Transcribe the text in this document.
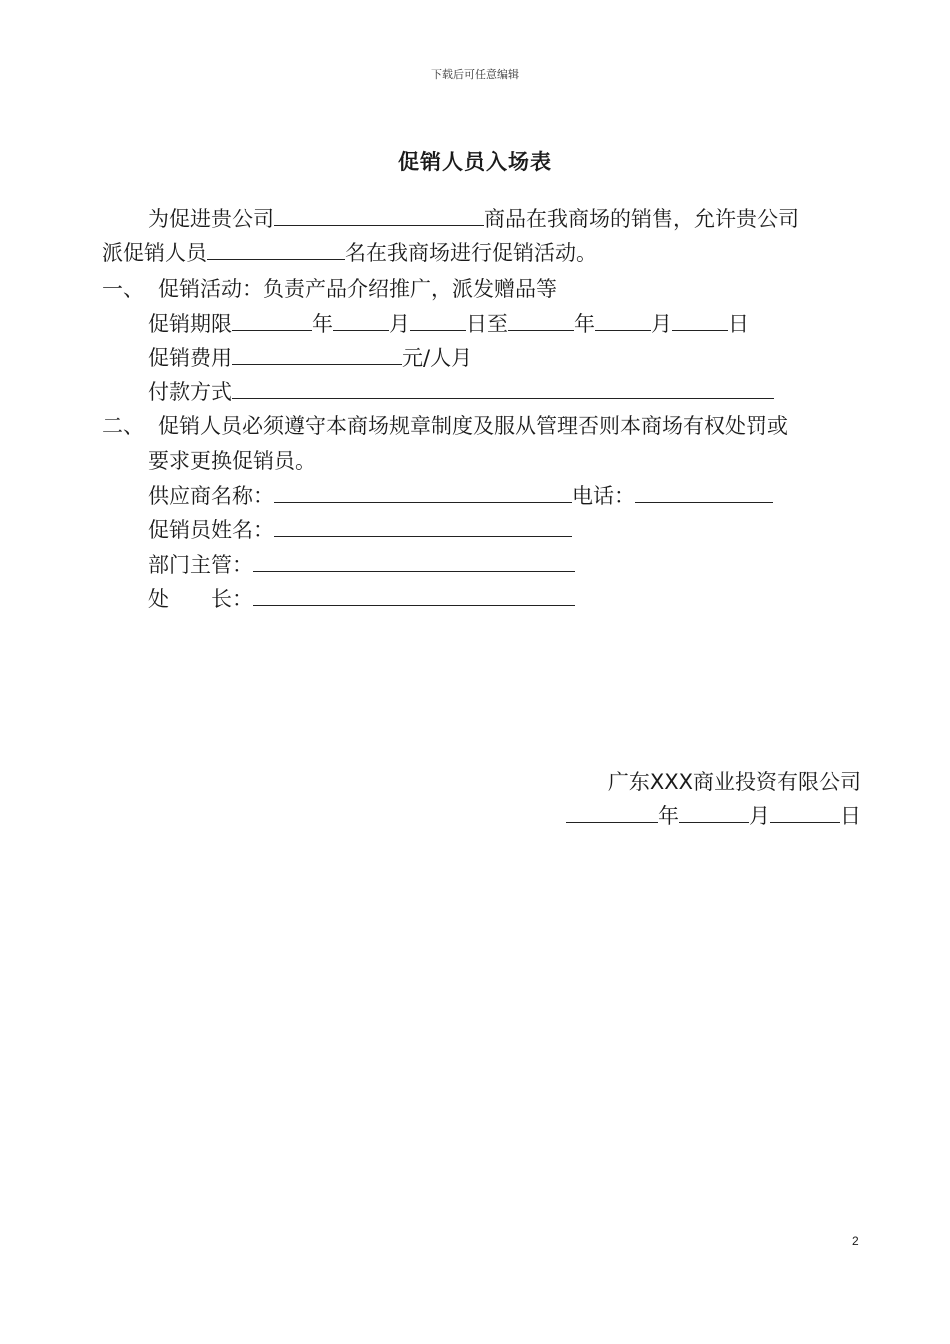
下载后可任意编辑
促销人员入场表
为促进贵公司	商品在我商场的销售，允许贵公司
派促销人员	名在我商场进行促销活动。
一、 促销活动：负责产品介绍推广，派发赠品等
促销期限	年	月	日至	年	月	日
促销费用	元/人月
付款方式
二、 促销人员必须遵守本商场规章制度及服从管理否则本商场有权处罚或
要求更换促销员。
供应商名称：	电话：
促销员姓名：
部门主管：
处　　长：
广东XXX商业投资有限公司
年	月	日
2
